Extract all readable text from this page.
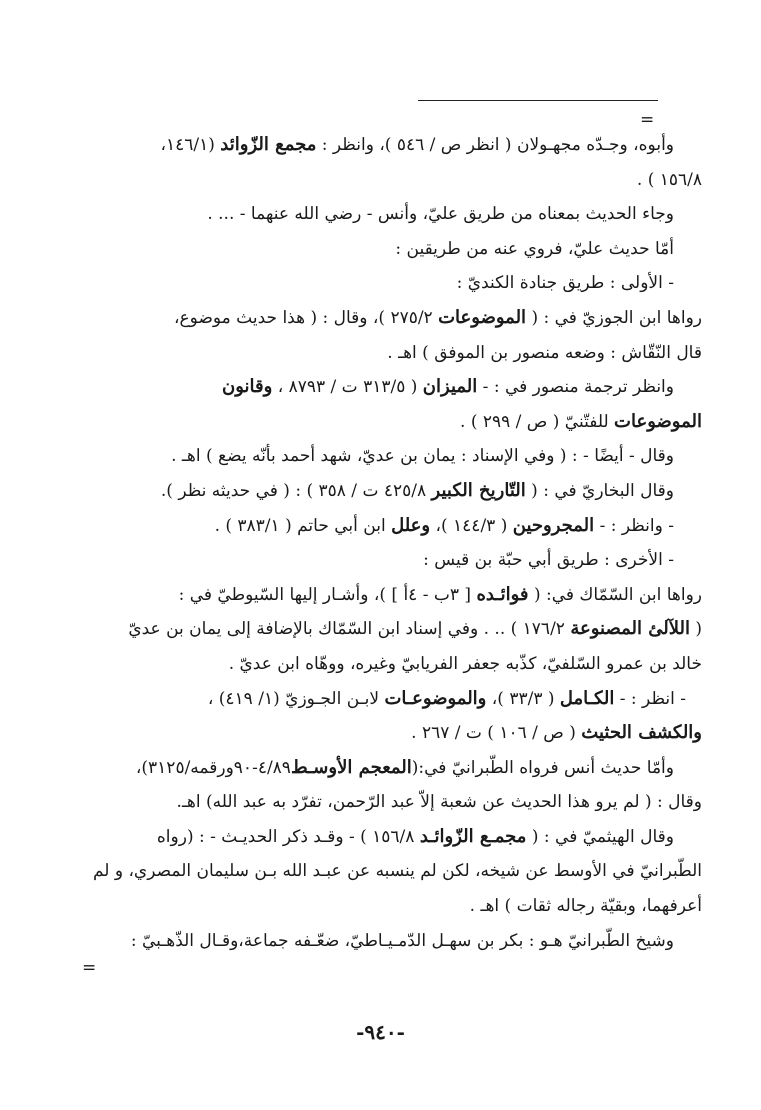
=
وأبوه، وجـدّه مجهـولان ( انظر ص / ٥٤٦ )، وانظر : مجمع الزّوائد (١٤٦/١،
١٥٦/٨ ) .
وجاء الحديث بمعناه من طريق عليّ، وأنس - رضي الله عنهما - ... .
أمّا حديث عليّ، فروي عنه من طريقين :
- الأولى : طريق جنادة الكنديّ :
رواها ابن الجوزيّ في : ( الموضوعات ٢٧٥/٢ )، وقال : ( هذا حديث موضوع،
قال النّقّاش : وضعه منصور بن الموفق ) اهـ .
وانظر ترجمة منصور في : - الميزان ( ٣١٣/٥ ت / ٨٧٩٣ ، وقانون
الموضوعات للفتّنيّ ( ص / ٢٩٩ ) .
وقال - أيضًا - : ( وفي الإسناد : يمان بن عديّ، شهد أحمد بأنّه يضع ) اهـ .
وقال البخاريّ في : ( التّاريخ الكبير ٤٢٥/٨ ت / ٣٥٨ ) : ( في حديثه نظر ).
- وانظر : - المجروحين ( ١٤٤/٣ )، وعلل ابن أبي حاتم ( ٣٨٣/١ ) .
- الأخرى : طريق أبي حبّة بن قيس :
رواها ابن السّمّاك في: ( فوائـده [ ٣ب - ٤أ ] )، وأشـار إليها السّيوطيّ في :
( اللآلئ المصنوعة ١٧٦/٢ ) .. . وفي إسناد ابن السّمّاك بالإضافة إلى يمان بن عديّ
خالد بن عمرو السّلفيّ، كذّبه جعفر الفريابيّ وغيره، ووهّاه ابن عديّ .
- انظر : - الكـامل ( ٣٣/٣ )، والموضوعـات لابـن الجـوزيّ (١/ ٤١٩) ،
والكشف الحثيث ( ص / ١٠٦ ) ت / ٢٦٧ .
وأمّا حديث أنس فرواه الطّبرانيّ في:(المعجم الأوسـط٤/٨٩-٩٠ورقمه/٣١٢٥)،
وقال : ( لم يرو هذا الحديث عن شعبة إلاّ عبد الرّحمن، تفرّد به عبد الله) اهـ.
وقال الهيثميّ في : ( مجمـع الزّوائـد ١٥٦/٨ ) - وقـد ذكر الحديـث - : (رواه
الطّبرانيّ في الأوسط عن شيخه، لكن لم ينسبه عن عبـد الله بـن سليمان المصري، و لم
أعرفهما، وبقيّة رجاله ثقات ) اهـ .
وشيخ الطّبرانيّ هـو : بكر بن سهـل الدّمـيـاطيّ، ضعّـفه جماعة،وقـال الذّهـبيّ :
=
-٩٤٠-
